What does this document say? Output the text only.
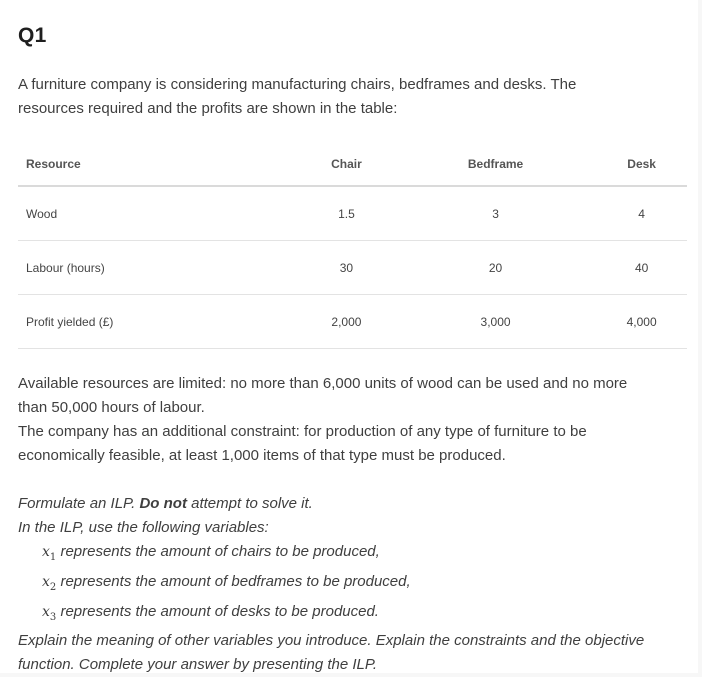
Q1

A furniture company is considering manufacturing chairs, bedframes and desks. The

resources required and the profits are shown in the table:

Resource	Chair	Bedframe	Desk
Wood	1.5	3	4
Labour (hours)	30	20	40
Profit yielded (£)	2,000	3,000	4,000

Available resources are limited: no more than 6,000 units of wood can be used and no more

than 50,000 hours of labour.

The company has an additional constraint: for production of any type of furniture to be

economically feasible, at least 1,000 items of that type must be produced.

Formulate an ILP. Do not attempt to solve it.

In the ILP, use the following variables:

$x_1$ represents the amount of chairs to be produced,

$x_2$ represents the amount of bedframes to be produced,

$x_3$ represents the amount of desks to be produced.

Explain the meaning of other variables you introduce. Explain the constraints and the objective

function. Complete your answer by presenting the ILP.
